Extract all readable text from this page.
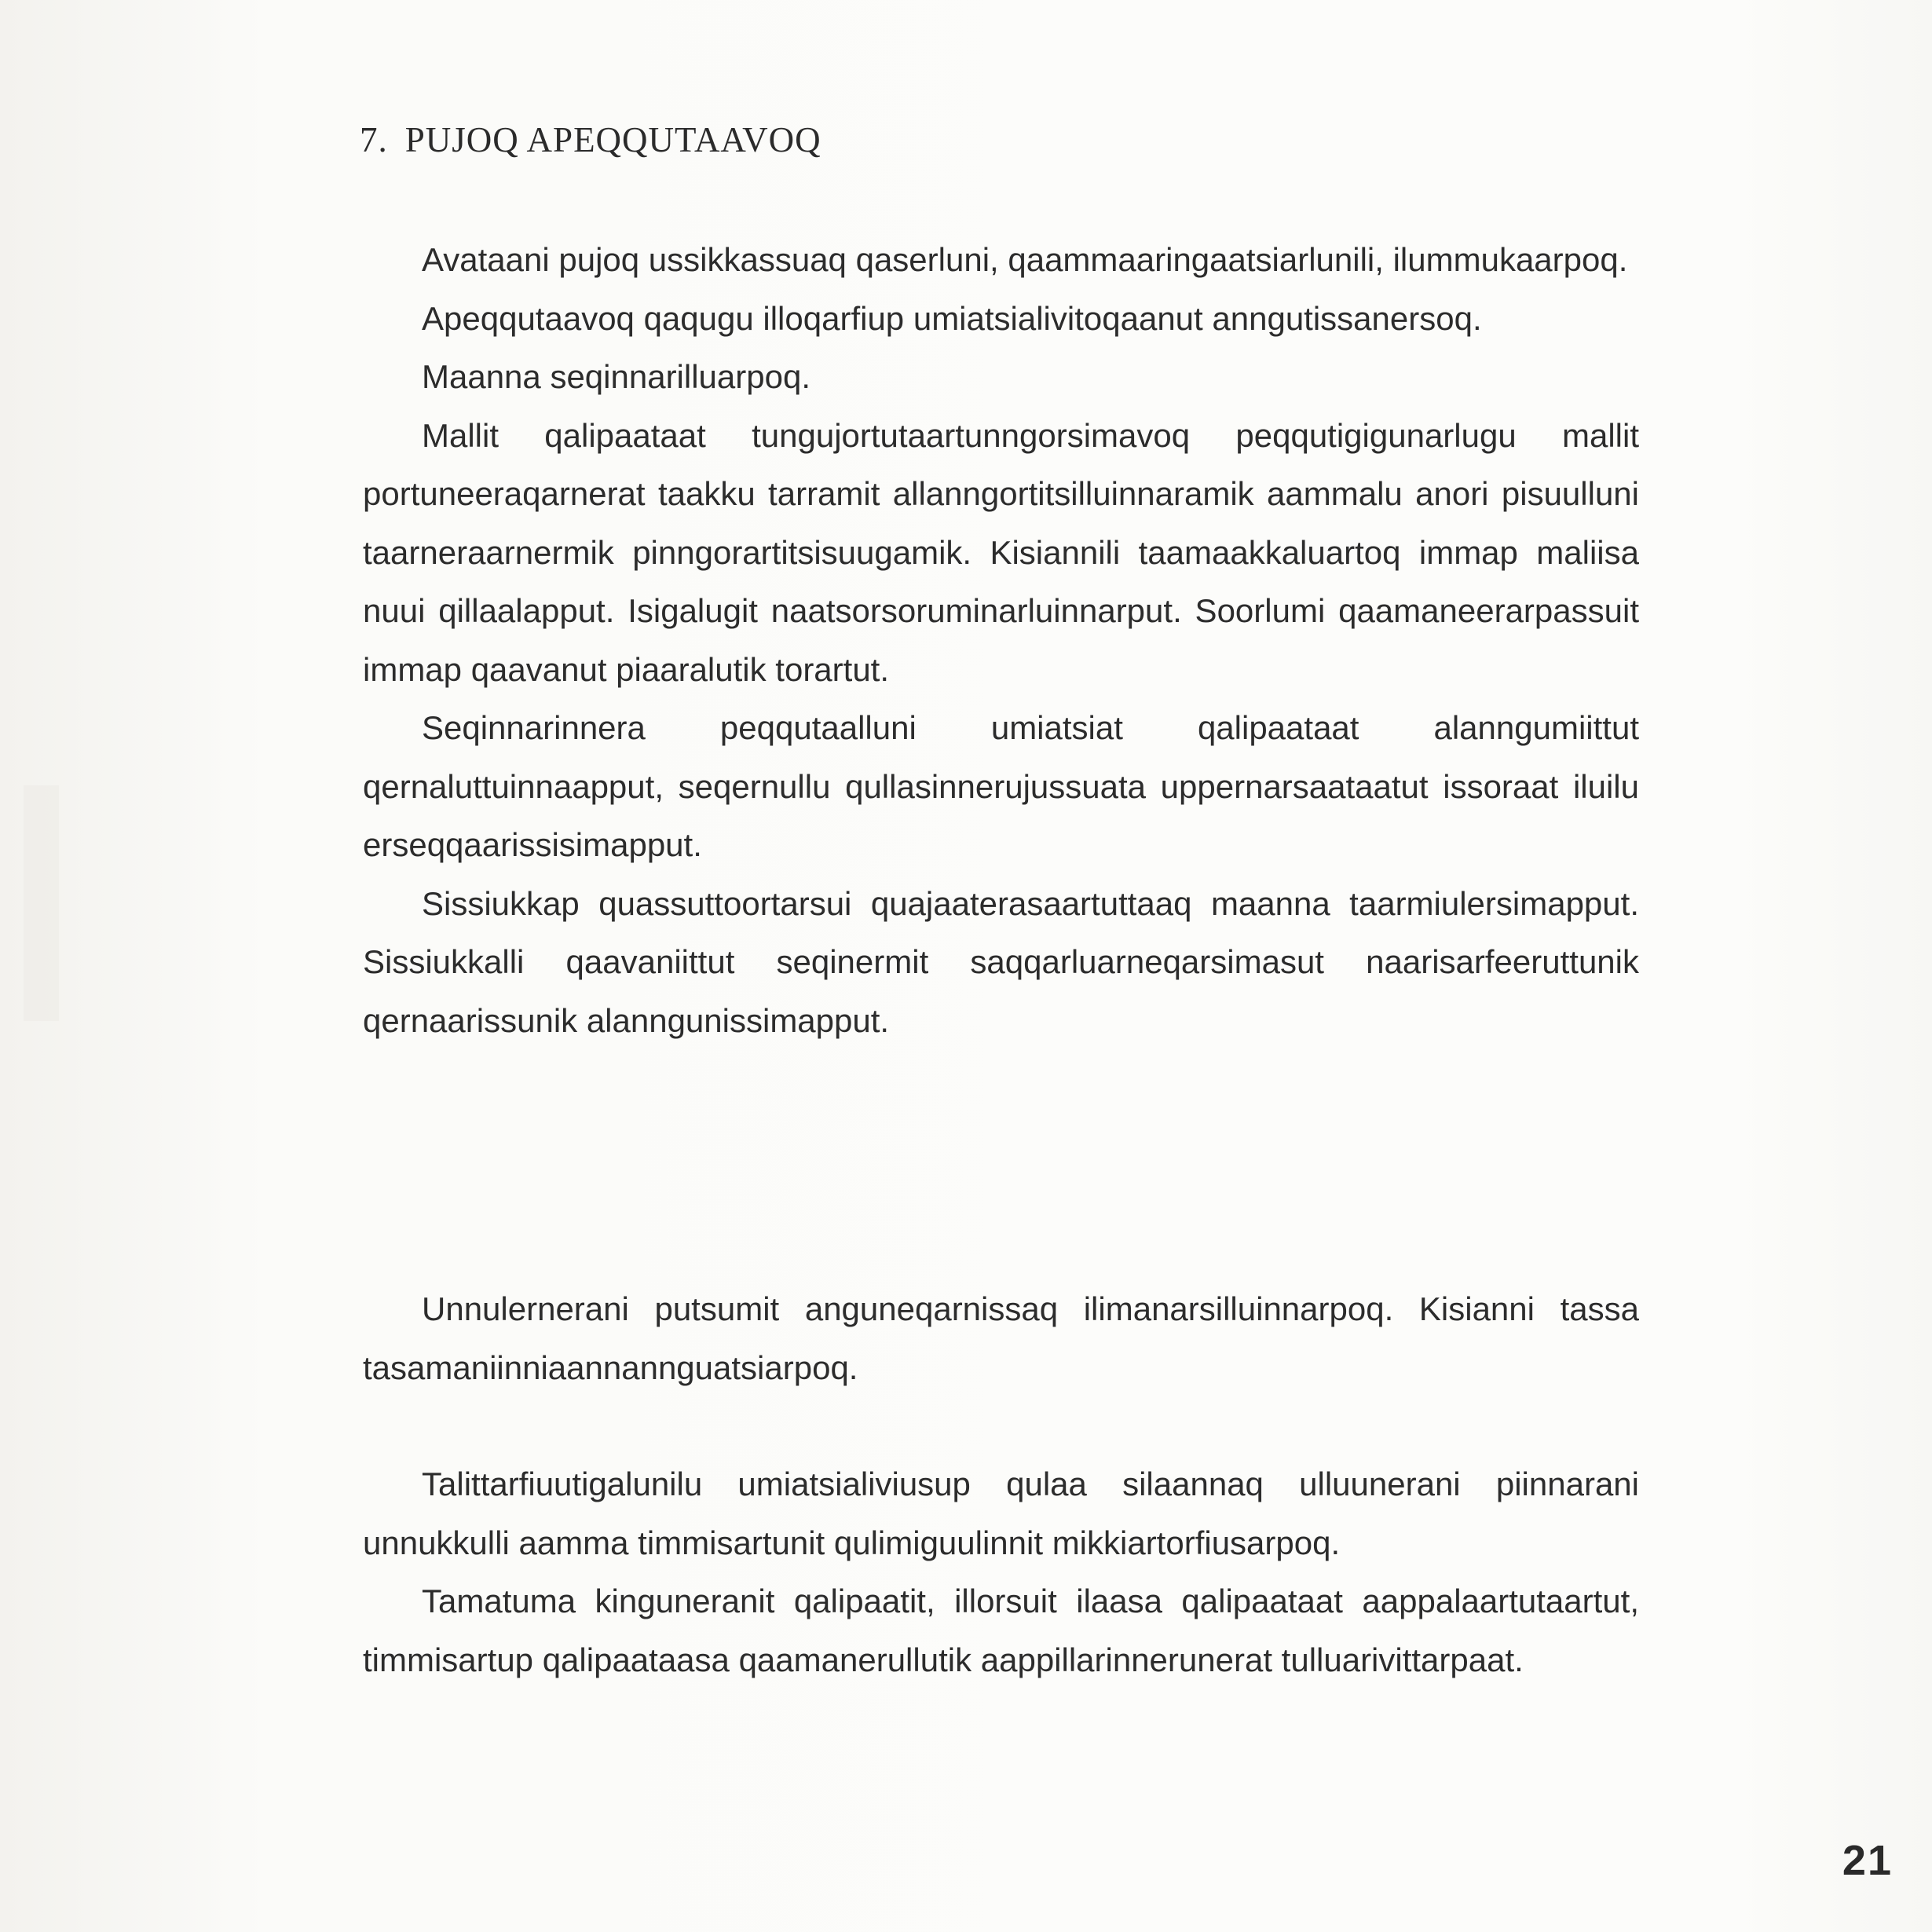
7. PUJOQ APEQQUTAAVOQ

Avataani pujoq ussikkassuaq qaserluni, qaammaaringaatsiarlunili, ilummukaarpoq.

Apeqqutaavoq qaqugu illoqarfiup umiatsialivitoqaanut anngutissanersoq.

Maanna seqinnarilluarpoq.

Mallit qalipaataat tungujortutaartunngorsimavoq peqqutigigunarlugu mallit portuneeraqarnerat taakku tarramit allanngortitsilluinnaramik aammalu anori pisuulluni taarneraarnermik pinngorartitsisuugamik. Kisiannili taamaakkaluartoq immap maliisa nuui qillaalapput. Isigalugit naatsorsoruminarluinnarput. Soorlumi qaamaneerarpassuit immap qaavanut piaaralutik torartut.

Seqinnarinnera peqqutaalluni umiatsiat qalipaataat alanngumiittut qernaluttuinnaapput, seqernullu qullasinnerujussuata uppernarsaataatut issoraat iluilu erseqqaarissisimapput.

Sissiukkap quassuttoortarsui quajaaterasaartuttaaq maanna taarmiulersimapput. Sissiukkalli qaavaniittut seqinermit saqqarluarneqarsimasut naarisarfeeruttunik qernaarissunik alanngunissimapput.

Unnulernerani putsumit anguneqarnissaq ilimanarsilluinnarpoq. Kisianni tassa tasamaniinniaannannguatsiarpoq.

Talittarfiuutigalunilu umiatsialiviusup qulaa silaannaq ulluunerani piinnarani unnukkulli aamma timmisartunit qulimiguulinnit mikkiartorfiusarpoq.

Tamatuma kinguneranit qalipaatit, illorsuit ilaasa qalipaataat aappalaartutaartut, timmisartup qalipaataasa qaamanerullutik aappillarinnerunerat tulluarivittarpaat.

21
